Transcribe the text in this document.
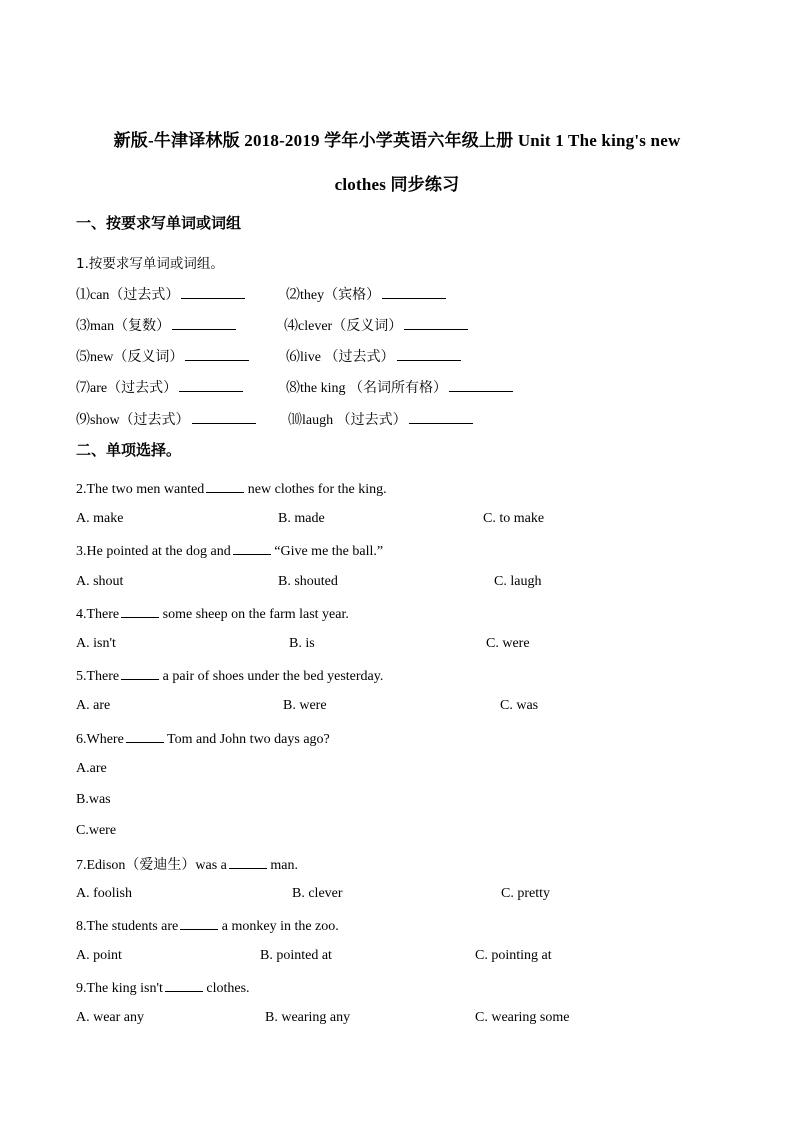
新版-牛津译林版 2018-2019 学年小学英语六年级上册 Unit 1 The king's new
clothes 同步练习
一、按要求写单词或词组
1.按要求写单词或词组。
⑴can（过去式）	⑵they（宾格）
⑶man（复数）	⑷clever（反义词）
⑸new（反义词）	⑹live （过去式）
⑺are（过去式）	⑻the king （名词所有格）
⑼show（过去式）	⑽laugh （过去式）
二、单项选择。
2.The two men wanted	new clothes for the king.
A. make	B. made	C. to make
3.He pointed at the dog and	“Give me the ball.”
A. shout	B. shouted	C. laugh
4.There	some sheep on the farm last year.
A. isn't	B. is	C. were
5.There	a pair of shoes under the bed yesterday.
A. are	B. were	C. was
6.Where	Tom and John two days ago?
A.are
B.was
C.were
7.Edison（爱迪生）was a	man.
A. foolish	B. clever	C. pretty
8.The students are	a monkey in the zoo.
A. point	B. pointed at	C. pointing at
9.The king isn't	clothes.
A. wear any	B. wearing any	C. wearing some
